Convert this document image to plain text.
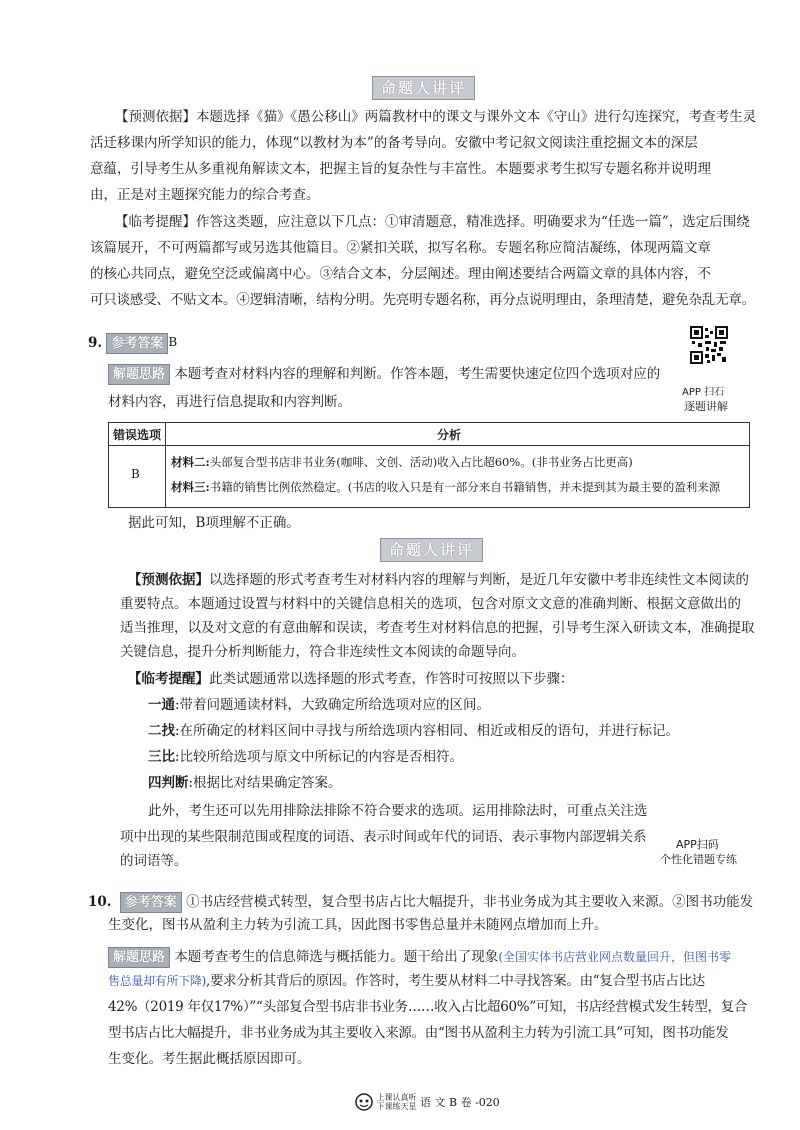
命题人讲评
【预测依据】本题选择《猫》《愚公移山》两篇教材中的课文与课外文本《守山》进行勾连探究，考查考生灵
活迁移课内所学知识的能力，体现“以教材为本”的备考导向。安徽中考记叙文阅读注重挖掘文本的深层
意蕴，引导考生从多重视角解读文本，把握主旨的复杂性与丰富性。本题要求考生拟写专题名称并说明理
由，正是对主题探究能力的综合考查。
【临考提醒】作答这类题，应注意以下几点：①审清题意，精准选择。明确要求为“任选一篇”，选定后围绕
该篇展开，不可两篇都写或另选其他篇目。②紧扣关联，拟写名称。专题名称应简洁凝练，体现两篇文章
的核心共同点，避免空泛或偏离中心。③结合文本，分层阐述。理由阐述要结合两篇文章的具体内容，不
可只谈感受、不贴文本。④逻辑清晰，结构分明。先亮明专题名称，再分点说明理由，条理清楚，避免杂乱无章。
9. 参考答案 B
解题思路 本题考查对材料内容的理解和判断。作答本题，考生需要快速定位四个选项对应的
材料内容，再进行信息提取和内容判断。
APP 扫石
逐题讲解
错误选项	分析
B
材料二:头部复合型书店非书业务(咖啡、文创、活动)收入占比超60%。(非书业务占比更高)
材料三:书籍的销售比例依然稳定。(书店的收入只是有一部分来自书籍销售，并未提到其为最主要的盈利来源
据此可知，B项理解不正确。
命题人讲评
【预测依据】以选择题的形式考查考生对材料内容的理解与判断，是近几年安徽中考非连续性文本阅读的
重要特点。本题通过设置与材料中的关键信息相关的选项，包含对原文文意的准确判断、根据文意做出的
适当推理，以及对文意的有意曲解和误读，考查考生对材料信息的把握，引导考生深入研读文本，准确提取
关键信息，提升分析判断能力，符合非连续性文本阅读的命题导向。
【临考提醒】此类试题通常以选择题的形式考查，作答时可按照以下步骤：
一通:带着问题通读材料，大致确定所给选项对应的区间。
二找:在所确定的材料区间中寻找与所给选项内容相同、相近或相反的语句，并进行标记。
三比:比较所给选项与原文中所标记的内容是否相符。
四判断:根据比对结果确定答案。
此外，考生还可以先用排除法排除不符合要求的选项。运用排除法时，可重点关注选
项中出现的某些限制范围或程度的词语、表示时间或年代的词语、表示事物内部逻辑关系
的词语等。
APP扫码
个性化错题专练
10. 参考答案 ①书店经营模式转型，复合型书店占比大幅提升，非书业务成为其主要收入来源。②图书功能发
生变化，图书从盈利主力转为引流工具，因此图书零售总量并未随网点增加而上升。
解题思路 本题考查考生的信息筛选与概括能力。题干给出了现象(全国实体书店营业网点数量回升，但图书零
售总量却有所下降),要求分析其背后的原因。作答时，考生要从材料二中寻找答案。由“复合型书店占比达
42%（2019 年仅17%）”“头部复合型书店非书业务……收入占比超60%”可知，书店经营模式发生转型，复合
型书店占比大幅提升，非书业务成为其主要收入来源。由“图书从盈利主力转为引流工具”可知，图书功能发
生变化。考生据此概括原因即可。
上课认真听
下课练天星 语 文 B 卷 -020
